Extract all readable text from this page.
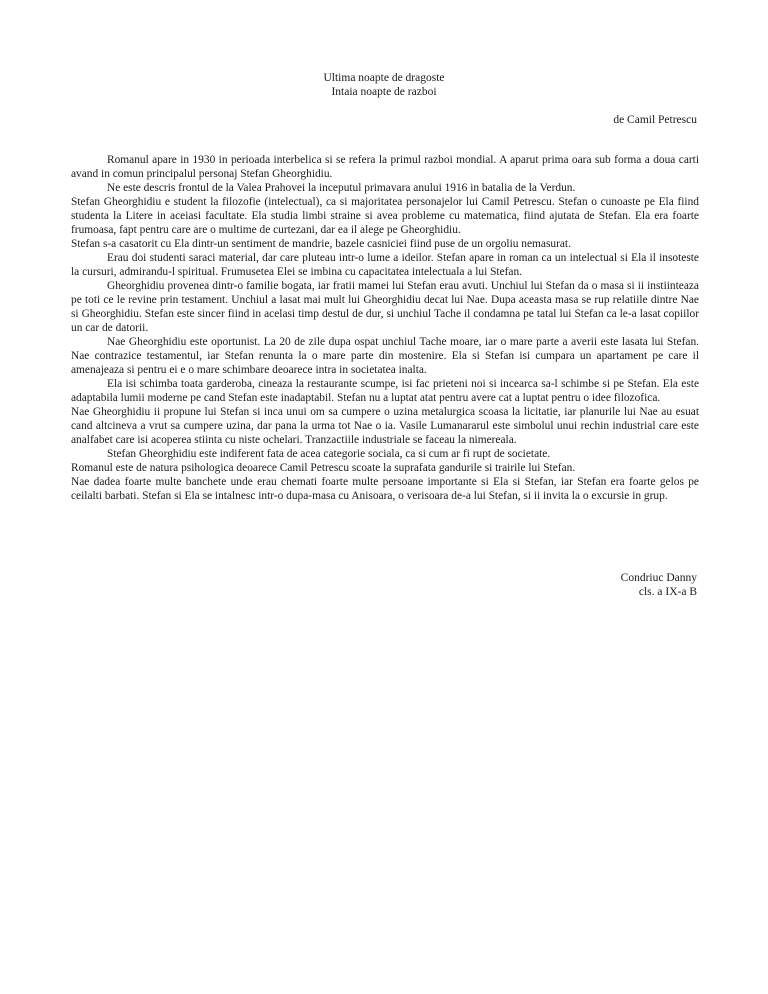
Ultima noapte de dragoste
Intaia noapte de razboi
de Camil Petrescu

Romanul apare in 1930 in perioada interbelica si se refera la primul razboi mondial. A aparut prima oara sub forma a doua carti avand in comun principalul personaj Stefan Gheorghidiu.

Ne este descris frontul de la Valea Prahovei la inceputul primavara anului 1916 in batalia de la Verdun.

Stefan Gheorghidiu e student la filozofie (intelectual), ca si majoritatea personajelor lui Camil Petrescu. Stefan o cunoaste pe Ela fiind studenta la Litere in aceiasi facultate. Ela studia limbi straine si avea probleme cu matematica, fiind ajutata de Stefan. Ela era foarte frumoasa, fapt pentru care are o multime de curtezani, dar ea il alege pe Gheorghidiu.

Stefan s-a casatorit cu Ela dintr-un sentiment de mandrie, bazele casniciei fiind puse de un orgoliu nemasurat.

Erau doi studenti saraci material, dar care pluteau intr-o lume a ideilor. Stefan apare in roman ca un intelectual si Ela il insoteste la cursuri, admirandu-l spiritual. Frumusetea Elei se imbina cu capacitatea intelectuala a lui Stefan.

Gheorghidiu provenea dintr-o familie bogata, iar fratii mamei lui Stefan erau avuti. Unchiul lui Stefan da o masa si ii instiinteaza pe toti ce le revine prin testament. Unchiul a lasat mai mult lui Gheorghidiu decat lui Nae. Dupa aceasta masa se rup relatiile dintre Nae si Gheorghidiu. Stefan este sincer fiind in acelasi timp destul de dur, si unchiul Tache il condamna pe tatal lui Stefan ca le-a lasat copiilor un car de datorii.

Nae Gheorghidiu este oportunist. La 20 de zile dupa ospat unchiul Tache moare, iar o mare parte a averii este lasata lui Stefan. Nae contrazice testamentul, iar Stefan renunta la o mare parte din mostenire. Ela si Stefan isi cumpara un apartament pe care il amenajeaza si pentru ei e o mare schimbare deoarece intra in societatea inalta.

Ela isi schimba toata garderoba, cineaza la restaurante scumpe, isi fac prieteni noi si incearca sa-l schimbe si pe Stefan. Ela este adaptabila lumii moderne pe cand Stefan este inadaptabil. Stefan nu a luptat atat pentru avere cat a luptat pentru o idee filozofica.

Nae Gheorghidiu ii propune lui Stefan si inca unui om sa cumpere o uzina metalurgica scoasa la licitatie, iar planurile lui Nae au esuat cand altcineva a vrut sa cumpere uzina, dar pana la urma tot Nae o ia. Vasile Lumanararul este simbolul unui rechin industrial care este analfabet care isi acoperea stiinta cu niste ochelari. Tranzactiile industriale se faceau la nimereala.

Stefan Gheorghidiu este indiferent fata de acea categorie sociala, ca si cum ar fi rupt de societate.

Romanul este de natura psihologica deoarece Camil Petrescu scoate la suprafata gandurile si trairile lui Stefan.

Nae dadea foarte multe banchete unde erau chemati foarte multe persoane importante si Ela si Stefan, iar Stefan era foarte gelos pe ceilalti barbati. Stefan si Ela se intalnesc intr-o dupa-masa cu Anisoara, o verisoara de-a lui Stefan, si ii invita la o excursie in grup.

Condriuc Danny
cls. a IX-a B
